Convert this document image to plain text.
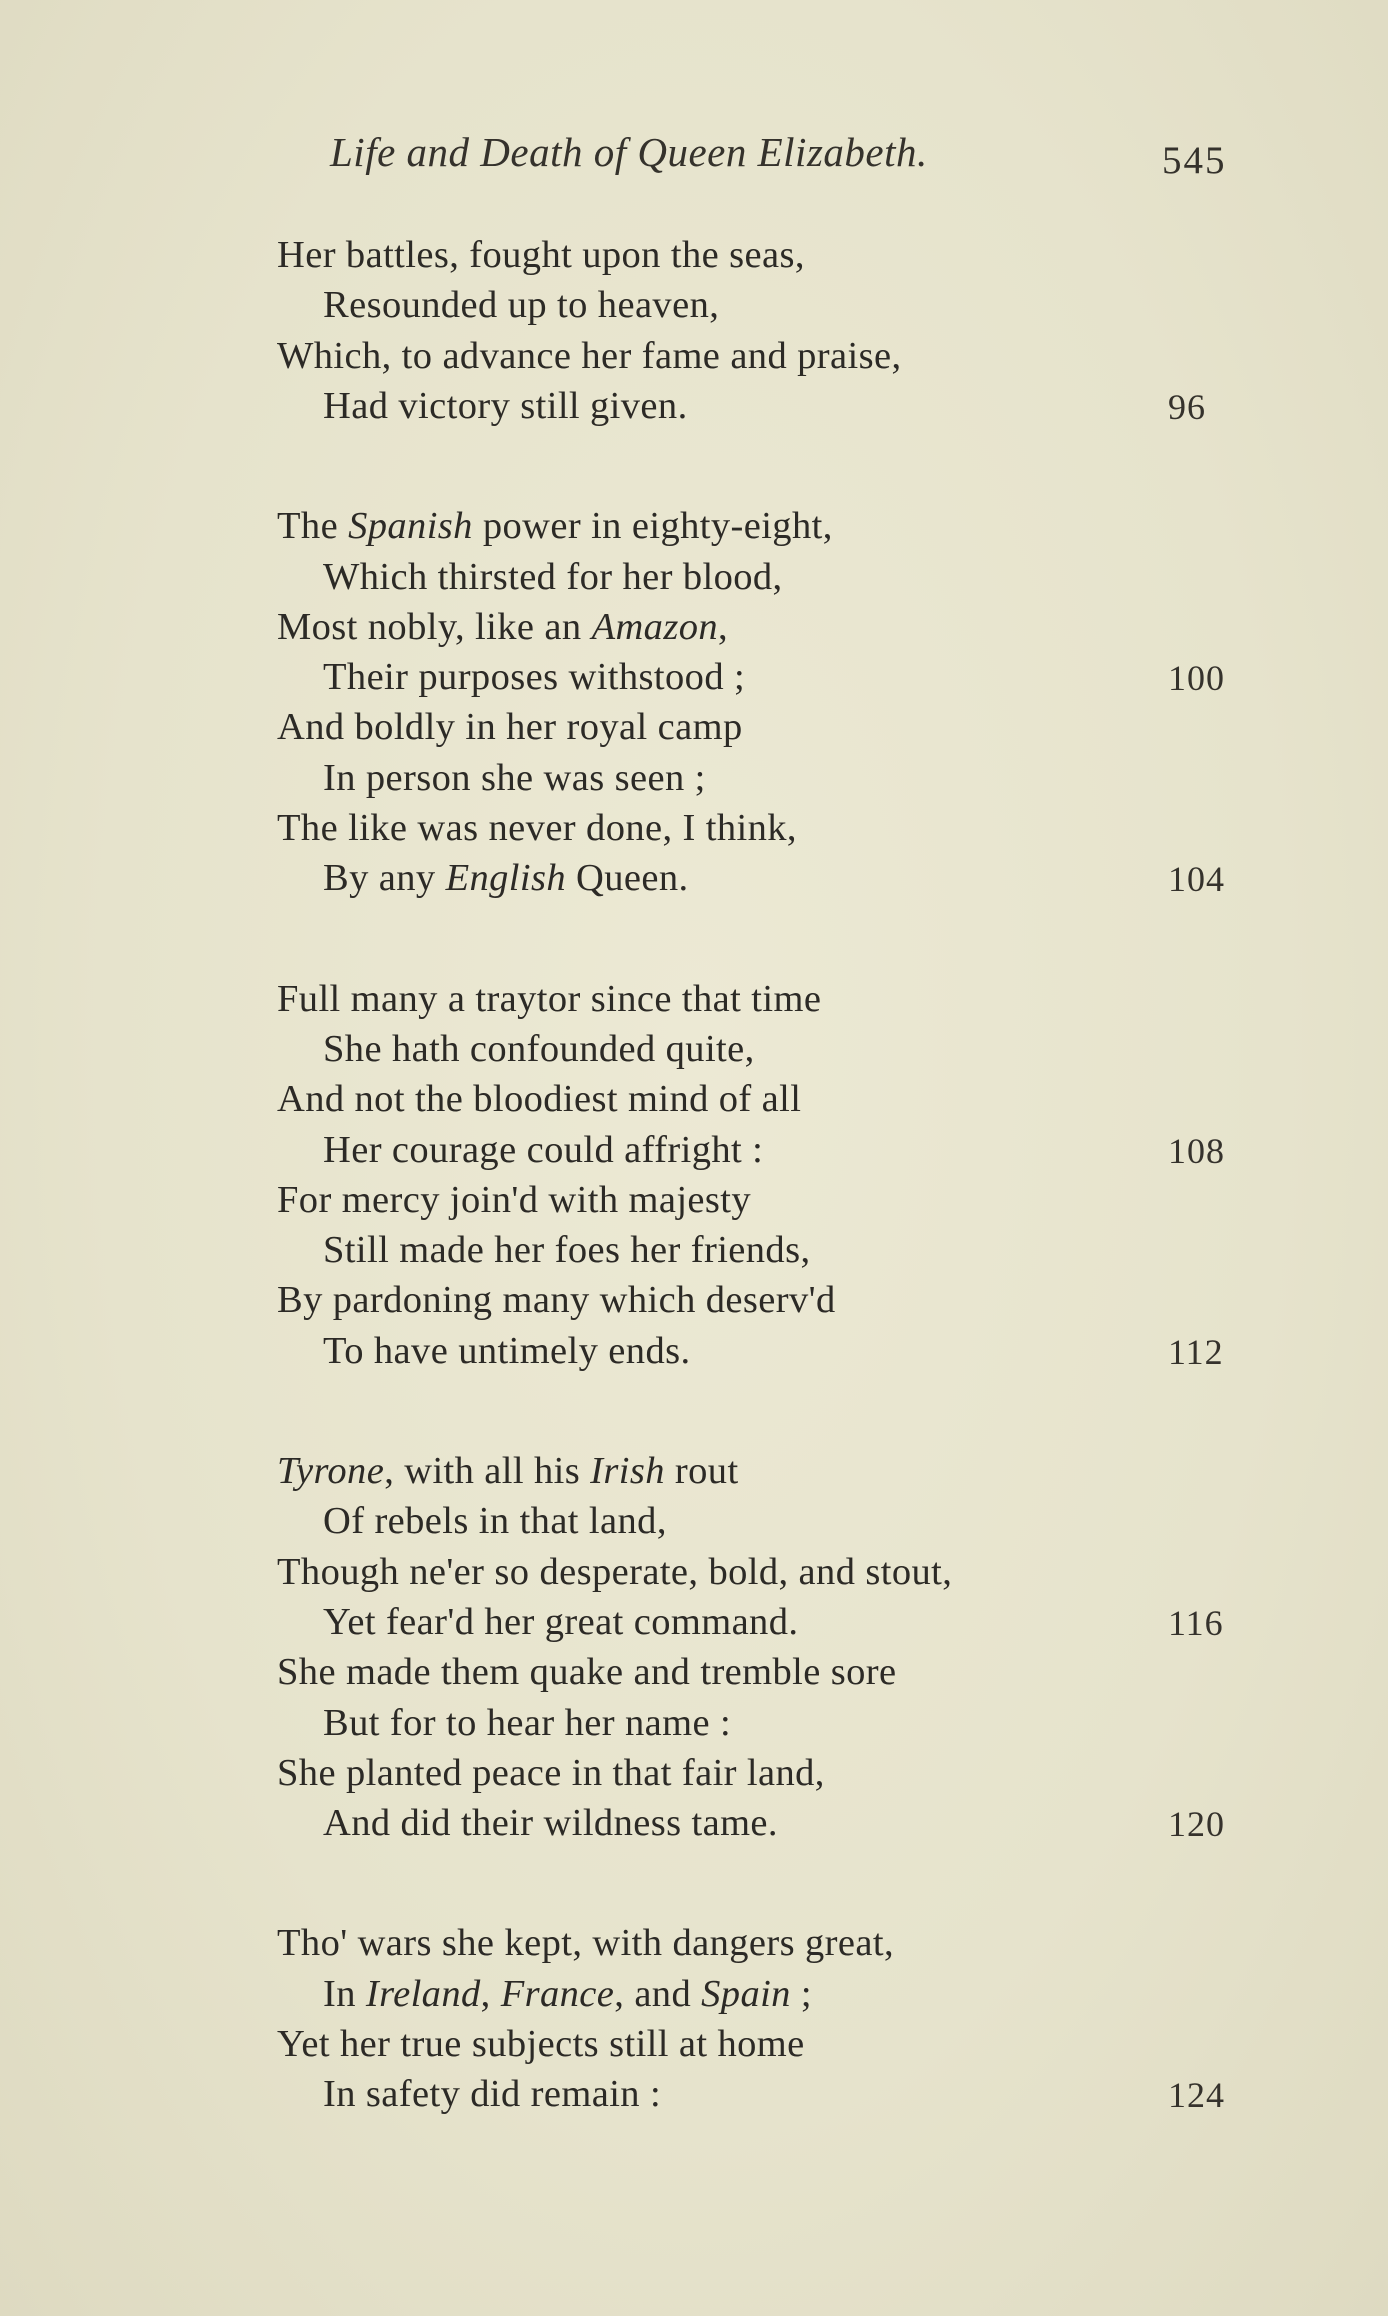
Life and Death of Queen Elizabeth.	545
Her battles, fought upon the seas,
Resounded up to heaven,
Which, to advance her fame and praise,
Had victory still given.	96
The Spanish power in eighty-eight,
Which thirsted for her blood,
Most nobly, like an Amazon,
Their purposes withstood ;	100
And boldly in her royal camp
In person she was seen ;
The like was never done, I think,
By any English Queen.	104
Full many a traytor since that time
She hath confounded quite,
And not the bloodiest mind of all
Her courage could affright :	108
For mercy join'd with majesty
Still made her foes her friends,
By pardoning many which deserv'd
To have untimely ends.	112
Tyrone, with all his Irish rout
Of rebels in that land,
Though ne'er so desperate, bold, and stout,
Yet fear'd her great command.	116
She made them quake and tremble sore
But for to hear her name :
She planted peace in that fair land,
And did their wildness tame.	120
Tho' wars she kept, with dangers great,
In Ireland, France, and Spain ;
Yet her true subjects still at home
In safety did remain :	124
